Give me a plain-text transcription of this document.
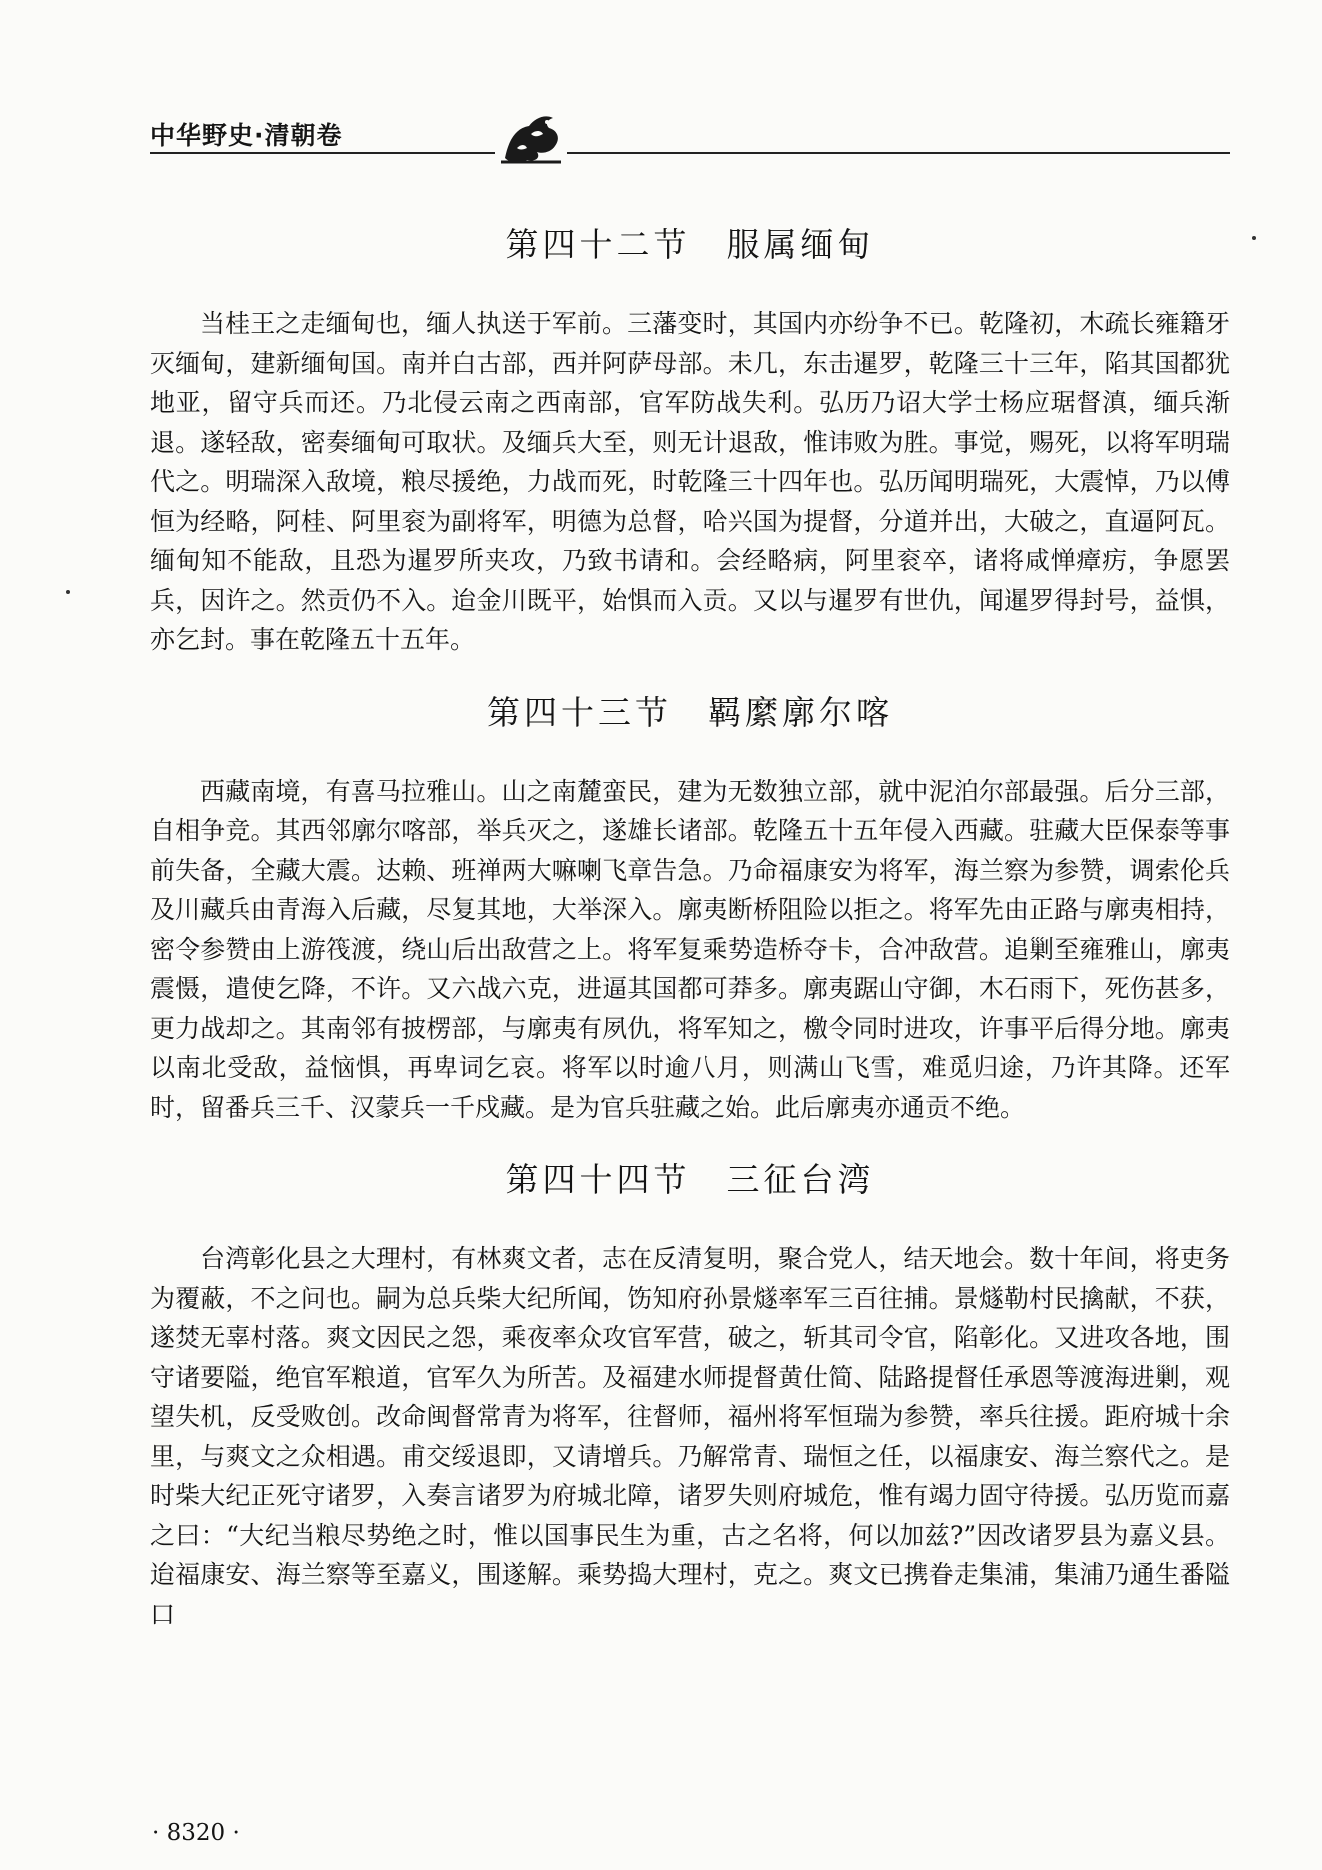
中华野史·清朝卷
第四十二节 服属缅甸

当桂王之走缅甸也，缅人执送于军前。三藩变时，其国内亦纷争不已。乾隆初，木疏长雍籍牙灭缅甸，建新缅甸国。南并白古部，西并阿萨母部。未几，东击暹罗，乾隆三十三年，陷其国都犹地亚，留守兵而还。乃北侵云南之西南部，官军防战失利。弘历乃诏大学士杨应琚督滇，缅兵渐退。遂轻敌，密奏缅甸可取状。及缅兵大至，则无计退敌，惟讳败为胜。事觉，赐死，以将军明瑞代之。明瑞深入敌境，粮尽援绝，力战而死，时乾隆三十四年也。弘历闻明瑞死，大震悼，乃以傅恒为经略，阿桂、阿里衮为副将军，明德为总督，哈兴国为提督，分道并出，大破之，直逼阿瓦。缅甸知不能敌，且恐为暹罗所夹攻，乃致书请和。会经略病，阿里衮卒，诸将咸惮瘴疠，争愿罢兵，因许之。然贡仍不入。迨金川既平，始惧而入贡。又以与暹罗有世仇，闻暹罗得封号，益惧，亦乞封。事在乾隆五十五年。

第四十三节 羁縻廓尔喀

西藏南境，有喜马拉雅山。山之南麓蛮民，建为无数独立部，就中泥泊尔部最强。后分三部，自相争竞。其西邻廓尔喀部，举兵灭之，遂雄长诸部。乾隆五十五年侵入西藏。驻藏大臣保泰等事前失备，全藏大震。达赖、班禅两大嘛喇飞章告急。乃命福康安为将军，海兰察为参赞，调索伦兵及川藏兵由青海入后藏，尽复其地，大举深入。廓夷断桥阻险以拒之。将军先由正路与廓夷相持，密令参赞由上游筏渡，绕山后出敌营之上。将军复乘势造桥夺卡，合冲敌营。追剿至雍雅山，廓夷震慑，遣使乞降，不许。又六战六克，进逼其国都可莽多。廓夷踞山守御，木石雨下，死伤甚多，更力战却之。其南邻有披楞部，与廓夷有夙仇，将军知之，檄令同时进攻，许事平后得分地。廓夷以南北受敌，益恼惧，再卑词乞哀。将军以时逾八月，则满山飞雪，难觅归途，乃许其降。还军时，留番兵三千、汉蒙兵一千戍藏。是为官兵驻藏之始。此后廓夷亦通贡不绝。

第四十四节 三征台湾

台湾彰化县之大理村，有林爽文者，志在反清复明，聚合党人，结天地会。数十年间，将吏务为覆蔽，不之问也。嗣为总兵柴大纪所闻，饬知府孙景燧率军三百往捕。景燧勒村民擒献，不获，遂焚无辜村落。爽文因民之怨，乘夜率众攻官军营，破之，斩其司令官，陷彰化。又进攻各地，围守诸要隘，绝官军粮道，官军久为所苦。及福建水师提督黄仕简、陆路提督任承恩等渡海进剿，观望失机，反受败创。改命闽督常青为将军，往督师，福州将军恒瑞为参赞，率兵往援。距府城十余里，与爽文之众相遇。甫交绥退即，又请增兵。乃解常青、瑞恒之任，以福康安、海兰察代之。是时柴大纪正死守诸罗，入奏言诸罗为府城北障，诸罗失则府城危，惟有竭力固守待援。弘历览而嘉之曰：“大纪当粮尽势绝之时，惟以国事民生为重，古之名将，何以加兹?”因改诸罗县为嘉义县。迨福康安、海兰察等至嘉义，围遂解。乘势捣大理村，克之。爽文已携眷走集浦，集浦乃通生番隘口

· 8320 ·
